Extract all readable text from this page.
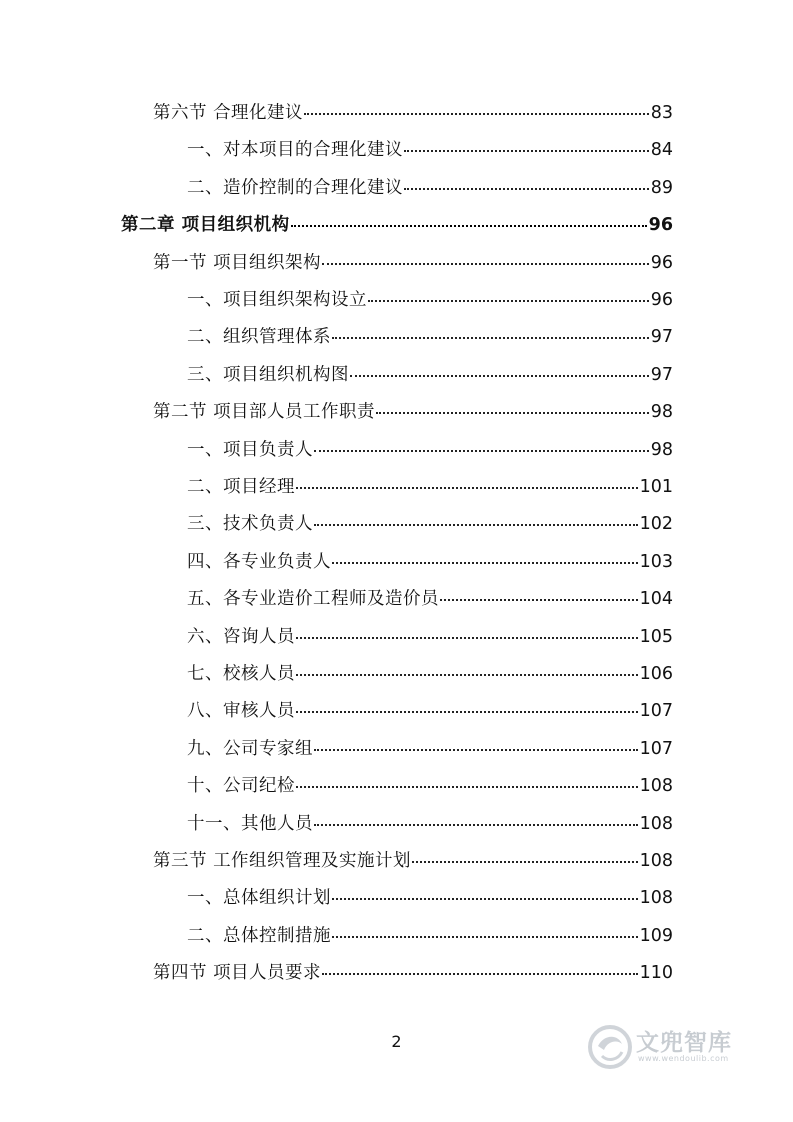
第六节 合理化建议	83
一、对本项目的合理化建议	84
二、造价控制的合理化建议	89
第二章 项目组织机构	96
第一节 项目组织架构	96
一、项目组织架构设立	96
二、组织管理体系	97
三、项目组织机构图	97
第二节 项目部人员工作职责	98
一、项目负责人	98
二、项目经理	101
三、技术负责人	102
四、各专业负责人	103
五、各专业造价工程师及造价员	104
六、咨询人员	105
七、校核人员	106
八、审核人员	107
九、公司专家组	107
十、公司纪检	108
十一、其他人员	108
第三节 工作组织管理及实施计划	108
一、总体组织计划	108
二、总体控制措施	109
第四节 项目人员要求	110
2	文兜智库
www.wendoulib.com
